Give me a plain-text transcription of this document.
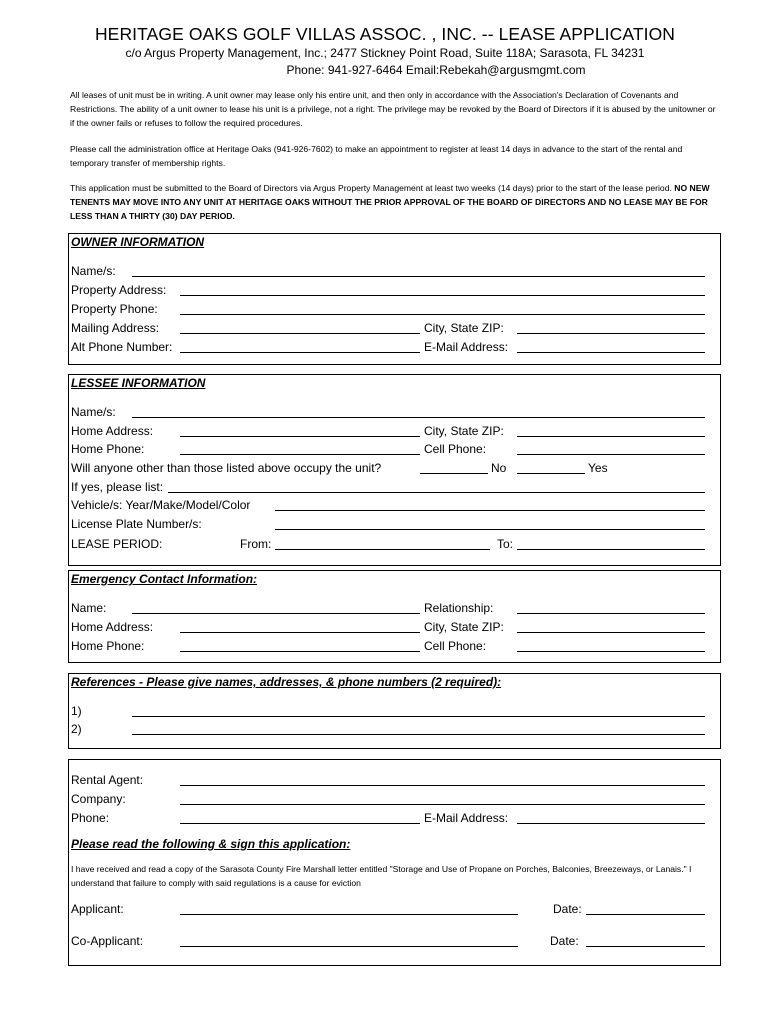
HERITAGE OAKS GOLF VILLAS ASSOC. , INC. -- LEASE APPLICATION
c/o Argus Property Management, Inc.; 2477 Stickney Point Road, Suite 118A; Sarasota, FL 34231
Phone: 941-927-6464 Email:Rebekah@argusmgmt.com
All leases of unit must be in writing. A unit owner may lease only his entire unit, and then only in accordance with the Association's Declaration of Covenants and Restrictions. The ability of a unit owner to lease his unit is a privilege, not a right. The privilege may be revoked by the Board of Directors if it is abused by the unitowner or if the owner fails or refuses to follow the required procedures.
Please call the administration office at Heritage Oaks (941-926-7602) to make an appointment to register at least 14 days in advance to the start of the rental and temporary transfer of membership rights.
This application must be submitted to the Board of Directors via Argus Property Management at least two weeks (14 days) prior to the start of the lease period. NO NEW TENENTS MAY MOVE INTO ANY UNIT AT HERITAGE OAKS WITHOUT THE PRIOR APPROVAL OF THE BOARD OF DIRECTORS AND NO LEASE MAY BE FOR LESS THAN A THIRTY (30) DAY PERIOD.
OWNER INFORMATION
Name/s:
Property Address:
Property Phone:
Mailing Address:	City, State ZIP:
Alt Phone Number:	E-Mail Address:
LESSEE INFORMATION
Name/s:
Home Address:	City, State ZIP:
Home Phone:	Cell Phone:
Will anyone other than those listed above occupy the unit?	No	Yes
If yes, please list:
Vehicle/s: Year/Make/Model/Color
License Plate Number/s:
LEASE PERIOD:	From:	To:
Emergency Contact Information:
Name:	Relationship:
Home Address:	City, State ZIP:
Home Phone:	Cell Phone:
References - Please give names, addresses, & phone numbers (2 required):
1)
2)
Rental Agent:
Company:
Phone:	E-Mail Address:
Please read the following & sign this application:
I have received and read a copy of the Sarasota County Fire Marshall letter entitled "Storage and Use of Propane on Porches, Balconies, Breezeways, or Lanais." I understand that failure to comply with said regulations is a cause for eviction
Applicant:	Date:
Co-Applicant:	Date:
